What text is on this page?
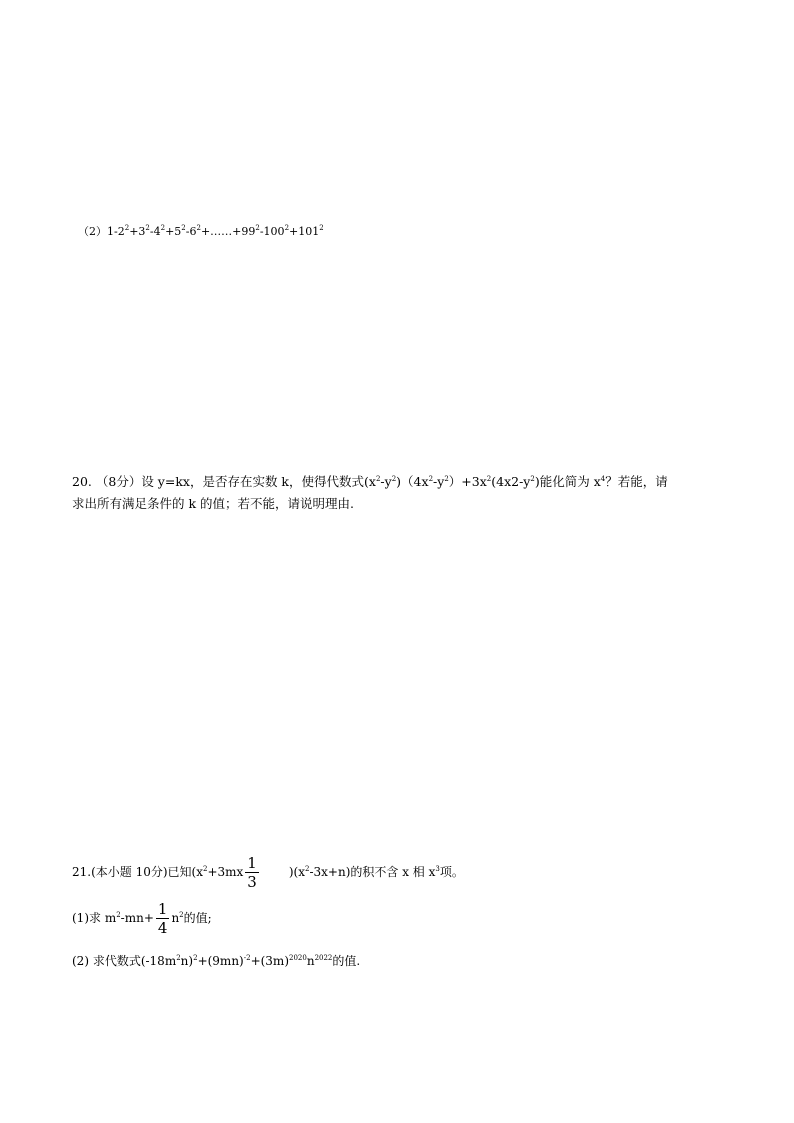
$(2)1-2^2+3^2-4^2+5^2-6^2+\dots\dots+99^2-100^2+101^2$
20. （8分）设 y=kx，是否存在实数 k，使得代数式$(x^2-y^2)(4x^2-y^2)+3x^2(4x2-y^2)$能化简为 $x^4$？若能，请
求出所有满足条件的 k 的值；若不能，请说明理由.
21.(本小题 10分)已知($x^2+3mx \frac{1}{3}$	)$(x^2-3x+n)$的积不含 x 相 $x^3$项。
(1)求 $m^2-mn+ \frac{1}{4} n^2$的值;
(2) 求代数式$(-18m^2n)^2+(9mn)^{-2}+(3m)^{2020}n^{2022}$的值.
